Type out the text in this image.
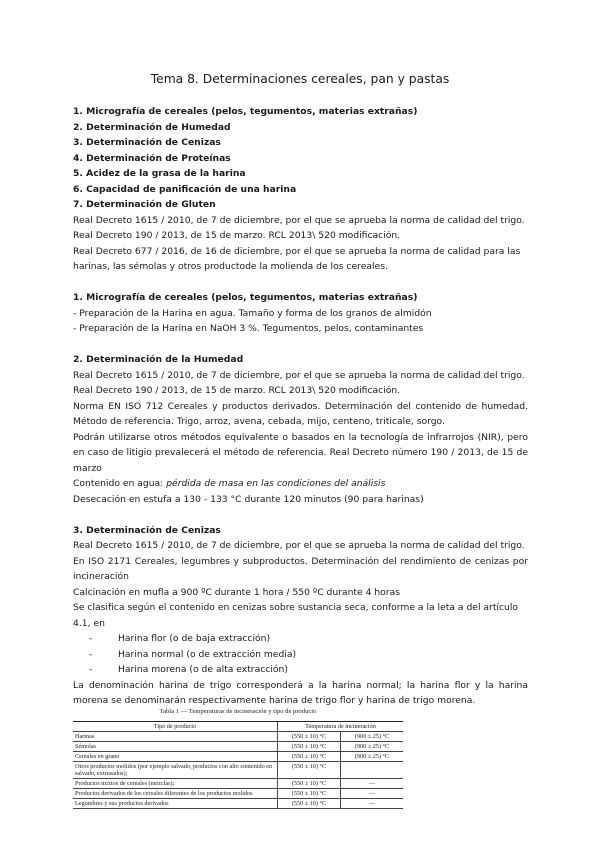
Tema 8. Determinaciones cereales, pan y pastas

1. Micrografía de cereales (pelos, tegumentos, materias extrañas)

2. Determinación de Humedad

3. Determinación de Cenizas

4. Determinación de Proteínas

5. Acidez de la grasa de la harina

6. Capacidad de panificación de una harina

7. Determinación de Gluten

Real Decreto 1615 / 2010, de 7 de diciembre, por el que se aprueba la norma de calidad del trigo.

Real Decreto 190 / 2013, de 15 de marzo. RCL 2013\ 520 modificación.

Real Decreto 677 / 2016, de 16 de diciembre, por el que se aprueba la norma de calidad para las harinas, las sémolas y otros productode la molienda de los cereales.

1. Micrografía de cereales (pelos, tegumentos, materias extrañas)

- Preparación de la Harina en agua. Tamaño y forma de los granos de almidón

- Preparación de la Harina en NaOH 3 %. Tegumentos, pelos, contaminantes

2. Determinación de la Humedad

Real Decreto 1615 / 2010, de 7 de diciembre, por el que se aprueba la norma de calidad del trigo.

Real Decreto 190 / 2013, de 15 de marzo. RCL 2013\ 520 modificación.

Norma EN ISO 712 Cereales y productos derivados. Determinación del contenido de humedad. Método de referencia. Trigo, arroz, avena, cebada, mijo, centeno, triticale, sorgo.

Podrán utilizarse otros métodos equivalente o basados en la tecnología de infrarrojos (NIR), pero en caso de litigio prevalecerá el método de referencia. Real Decreto número 190 / 2013, de 15 de marzo

Contenido en agua: pérdida de masa en las condiciones del análisis

Desecación en estufa a 130 - 133 °C durante 120 minutos (90 para harinas)

3. Determinación de Cenizas

Real Decreto 1615 / 2010, de 7 de diciembre, por el que se aprueba la norma de calidad del trigo.

En ISO 2171 Cereales, legumbres y subproductos. Determinación del rendimiento de cenizas por incineración

Calcinación en mufla a 900 ºC durante 1 hora / 550 ºC durante 4 horas

Se clasifica según el contenido en cenizas sobre sustancia seca, conforme a la leta a del artículo 4.1, en

- Harina flor (o de baja extracción)
- Harina normal (o de extracción media)
- Harina morena (o de alta extracción)

La denominación harina de trigo corresponderá a la harina normal; la harina flor y la harina morena se denominarán respectivamente harina de trigo flor y harina de trigo morena.

Tabla 1 — Temperaturas de incineración y tipo de producto
Tipo de producto	Temperatura de incineración	
Harinas	(550 ± 10) °C	(900 ± 25) °C
Sémolas	(550 ± 10) °C	(900 ± 25) °C
Cereales en grano	(550 ± 10) °C	(900 ± 25) °C
Otros productos molidos (por ejemplo salvado, productos con alto contenido en salvado, extrusados);	(550 ± 10) °C	
Productos mixtos de cereales (mezclas);	(550 ± 10) °C	—
Productos derivados de los cereales diferentes de los productos molidos	(550 ± 10) °C	—
Legumbres y sus productos derivados	(550 ± 10) °C	—
